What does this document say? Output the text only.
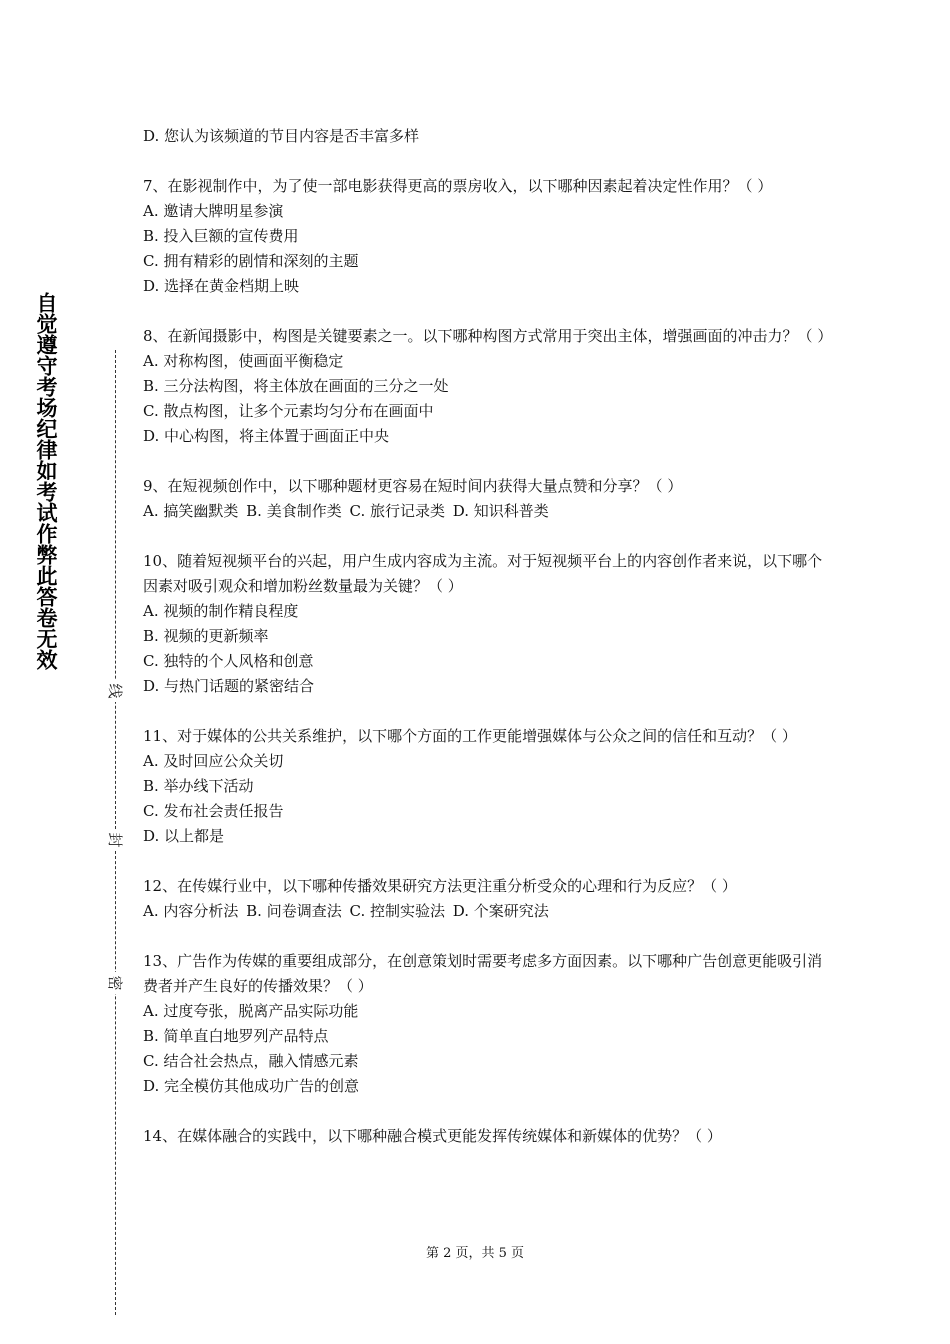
自觉遵守考场纪律如考试作弊此答卷无效
线
封
密

D. 您认为该频道的节目内容是否丰富多样

7、在影视制作中，为了使一部电影获得更高的票房收入，以下哪种因素起着决定性作用？（ ）

A. 邀请大牌明星参演

B. 投入巨额的宣传费用

C. 拥有精彩的剧情和深刻的主题

D. 选择在黄金档期上映

8、在新闻摄影中，构图是关键要素之一。以下哪种构图方式常用于突出主体，增强画面的冲击力？（ ）

A. 对称构图，使画面平衡稳定

B. 三分法构图，将主体放在画面的三分之一处

C. 散点构图，让多个元素均匀分布在画面中

D. 中心构图，将主体置于画面正中央

9、在短视频创作中，以下哪种题材更容易在短时间内获得大量点赞和分享？（ ）

A. 搞笑幽默类 B. 美食制作类 C. 旅行记录类 D. 知识科普类

10、随着短视频平台的兴起，用户生成内容成为主流。对于短视频平台上的内容创作者来说，以下哪个因素对吸引观众和增加粉丝数量最为关键？（ ）

A. 视频的制作精良程度

B. 视频的更新频率

C. 独特的个人风格和创意

D. 与热门话题的紧密结合

11、对于媒体的公共关系维护，以下哪个方面的工作更能增强媒体与公众之间的信任和互动？（ ）

A. 及时回应公众关切

B. 举办线下活动

C. 发布社会责任报告

D. 以上都是

12、在传媒行业中，以下哪种传播效果研究方法更注重分析受众的心理和行为反应？（ ）

A. 内容分析法 B. 问卷调查法 C. 控制实验法 D. 个案研究法

13、广告作为传媒的重要组成部分，在创意策划时需要考虑多方面因素。以下哪种广告创意更能吸引消费者并产生良好的传播效果？（ ）

A. 过度夸张，脱离产品实际功能

B. 简单直白地罗列产品特点

C. 结合社会热点，融入情感元素

D. 完全模仿其他成功广告的创意

14、在媒体融合的实践中，以下哪种融合模式更能发挥传统媒体和新媒体的优势？（ ）

第 2 页，共 5 页
